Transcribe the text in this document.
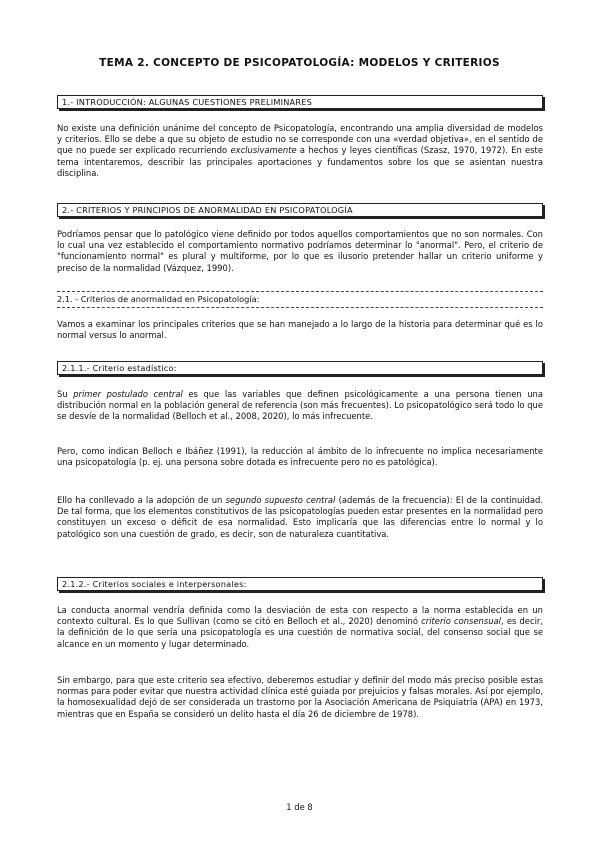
TEMA 2. CONCEPTO DE PSICOPATOLOGÍA: MODELOS Y CRITERIOS
1.- INTRODUCCIÓN: ALGUNAS CUESTIONES PRELIMINARES

No existe una definición unánime del concepto de Psicopatología, encontrando una amplia diversidad de modelos y criterios. Ello se debe a que su objeto de estudio no se corresponde con una «verdad objetiva», en el sentido de que no puede ser explicado recurriendo exclusivamente a hechos y leyes científicas (Szasz, 1970, 1972). En este tema intentaremos, describir las principales aportaciones y fundamentos sobre los que se asientan nuestra disciplina.

2.- CRITERIOS Y PRINCIPIOS DE ANORMALIDAD EN PSICOPATOLOGÍA

Podríamos pensar que lo patológico viene definido por todos aquellos comportamientos que no son normales. Con lo cual una vez establecido el comportamiento normativo podríamos determinar lo "anormal". Pero, el criterio de "funcionamiento normal" es plural y multiforme, por lo que es ilusorio pretender hallar un criterio uniforme y preciso de la normalidad (Vázquez, 1990).

2.1. - Criterios de anormalidad en Psicopatología:

Vamos a examinar los principales criterios que se han manejado a lo largo de la historia para determinar qué es lo normal versus lo anormal.

2.1.1.- Criterio estadístico:

Su primer postulado central es que las variables que definen psicológicamente a una persona tienen una distribución normal en la población general de referencia (son más frecuentes). Lo psicopatológico será todo lo que se desvíe de la normalidad (Belloch et al., 2008, 2020), lo más infrecuente.

Pero, como indican Belloch e Ibáñez (1991), la reducción al ámbito de lo infrecuente no implica necesariamente una psicopatología (p. ej. una persona sobre dotada es infrecuente pero no es patológica).

Ello ha conllevado a la adopción de un segundo supuesto central (además de la frecuencia): El de la continuidad. De tal forma, que los elementos constitutivos de las psicopatologías pueden estar presentes en la normalidad pero constituyen un exceso o déficit de esa normalidad. Esto implicaría que las diferencias entre lo normal y lo patológico son una cuestión de grado, es decir, son de naturaleza cuantitativa.

2.1.2.- Criterios sociales e interpersonales:

La conducta anormal vendría definida como la desviación de esta con respecto a la norma establecida en un contexto cultural. Es lo que Sullivan (como se citó en Belloch et al., 2020) denominó criterio consensual, es decir, la definición de lo que sería una psicopatología es una cuestión de normativa social, del consenso social que se alcance en un momento y lugar determinado.

Sin embargo, para que este criterio sea efectivo, deberemos estudiar y definir del modo más preciso posible estas normas para poder evitar que nuestra actividad clínica esté guiada por prejuicios y falsas morales. Así por ejemplo, la homosexualidad dejó de ser considerada un trastorno por la Asociación Americana de Psiquiatría (APA) en 1973, mientras que en España se consideró un delito hasta el día 26 de diciembre de 1978).

1 de 8
